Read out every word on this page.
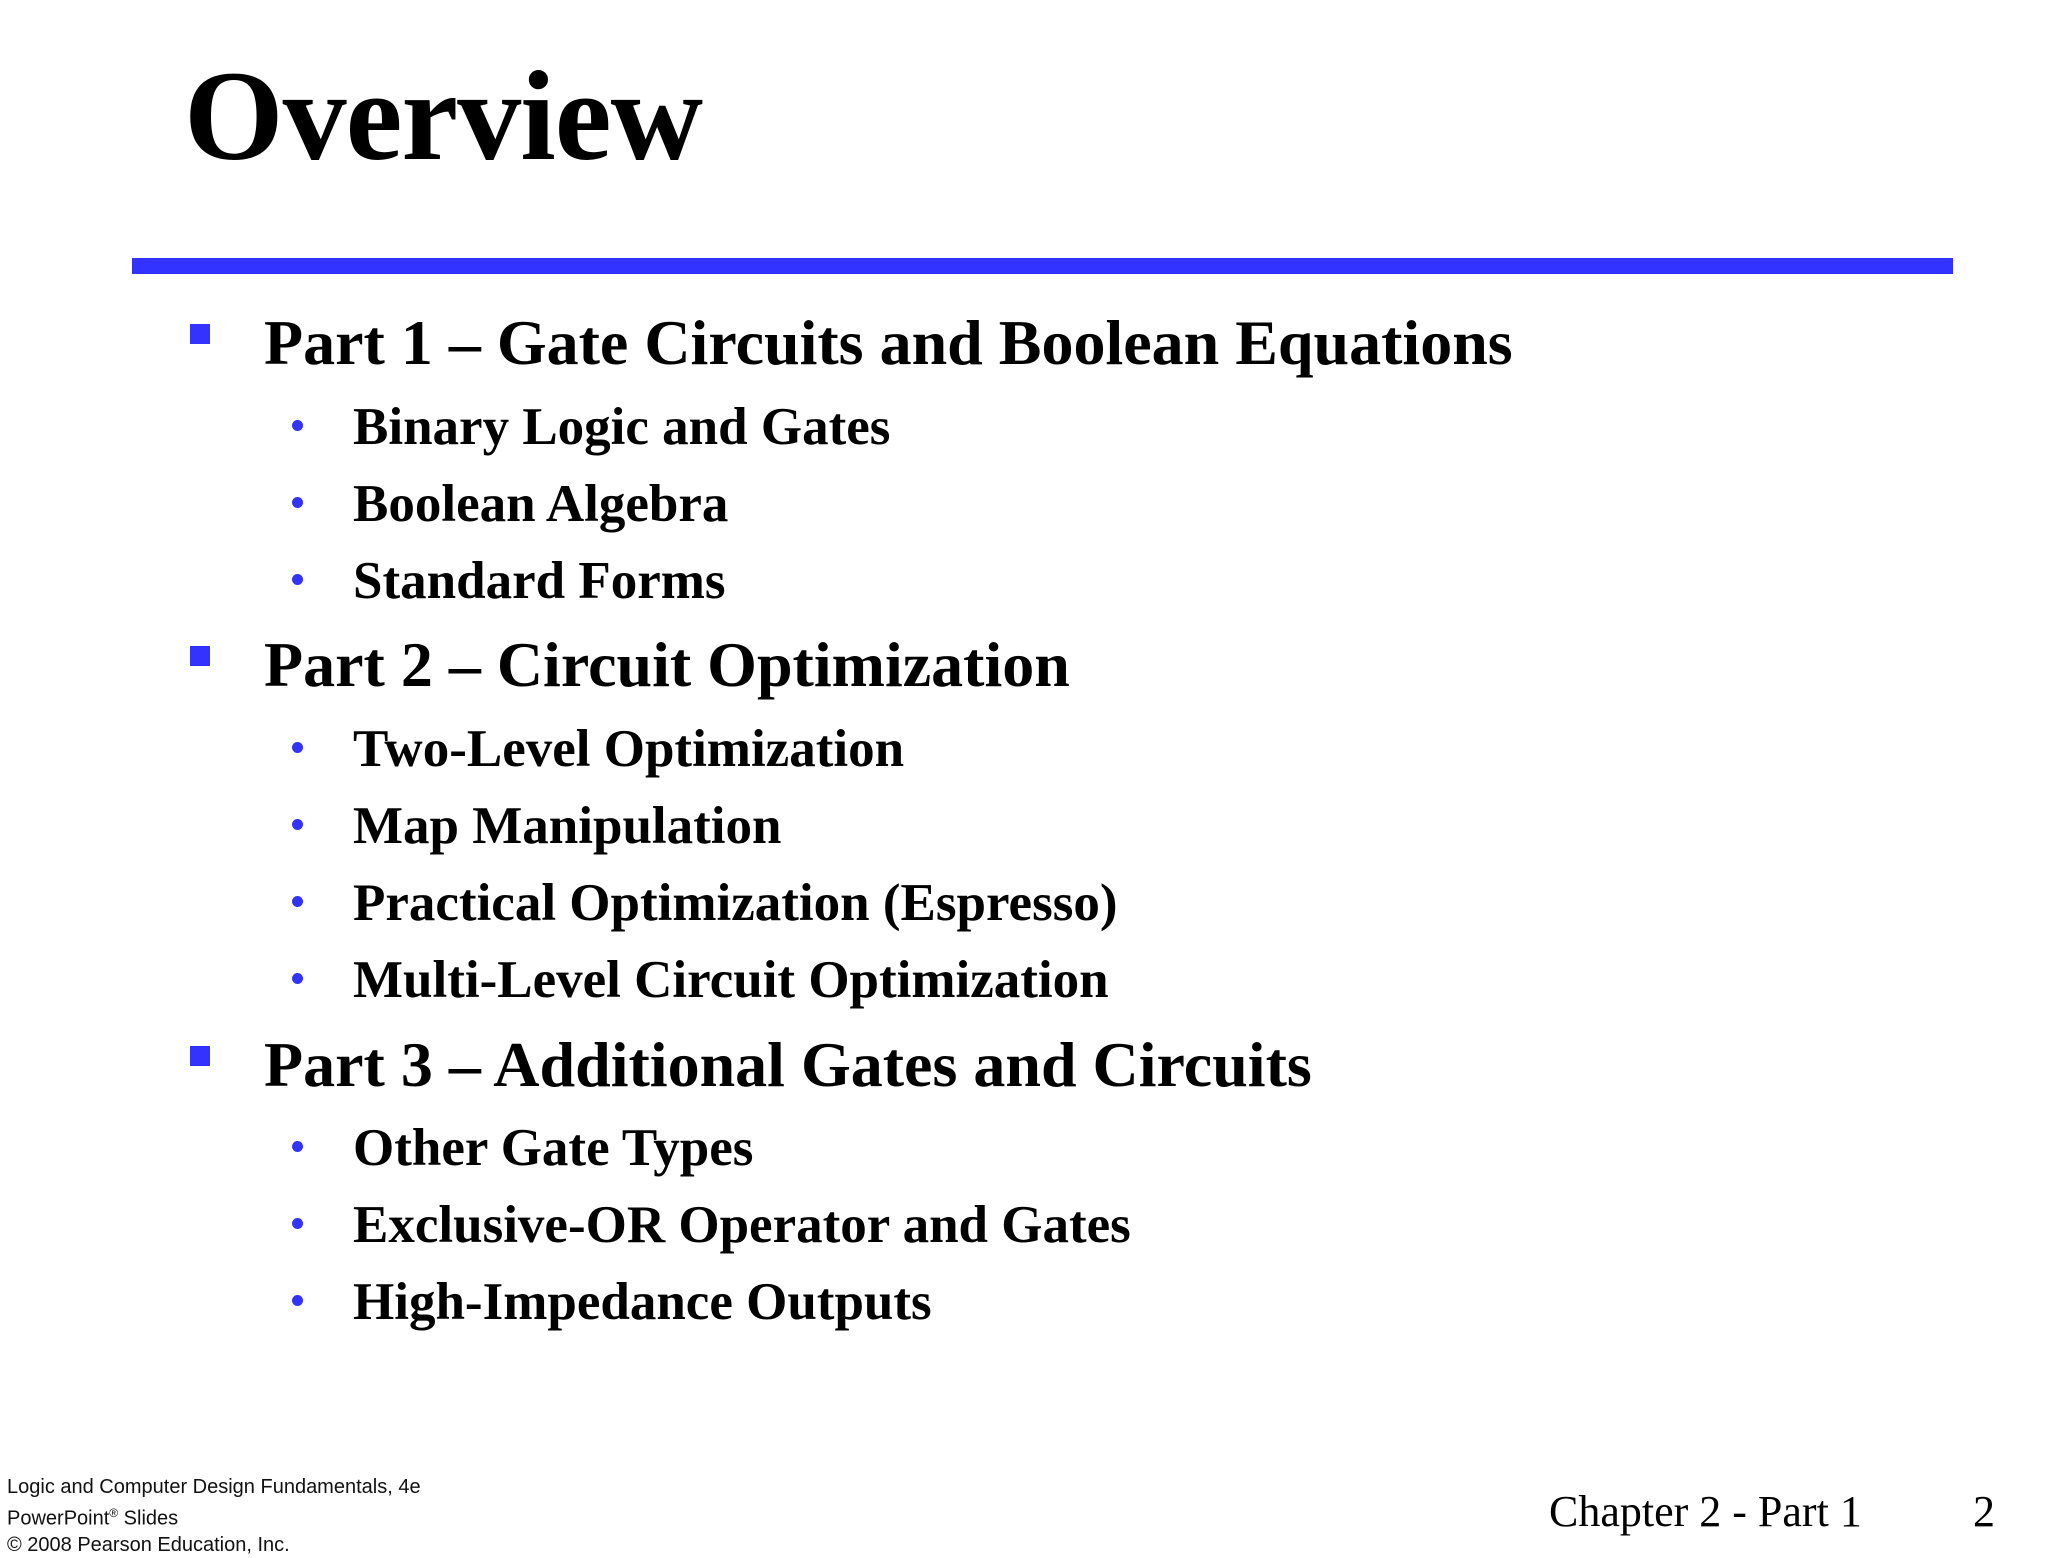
Overview
Part 1 – Gate Circuits and Boolean Equations
Binary Logic and Gates
Boolean Algebra
Standard Forms
Part 2 – Circuit Optimization
Two-Level Optimization
Map Manipulation
Practical Optimization (Espresso)
Multi-Level Circuit Optimization
Part 3 – Additional Gates and Circuits
Other Gate Types
Exclusive-OR Operator and Gates
High-Impedance Outputs
Logic and Computer Design Fundamentals, 4e
PowerPoint® Slides
© 2008 Pearson Education, Inc.
Chapter 2 - Part 1	2
